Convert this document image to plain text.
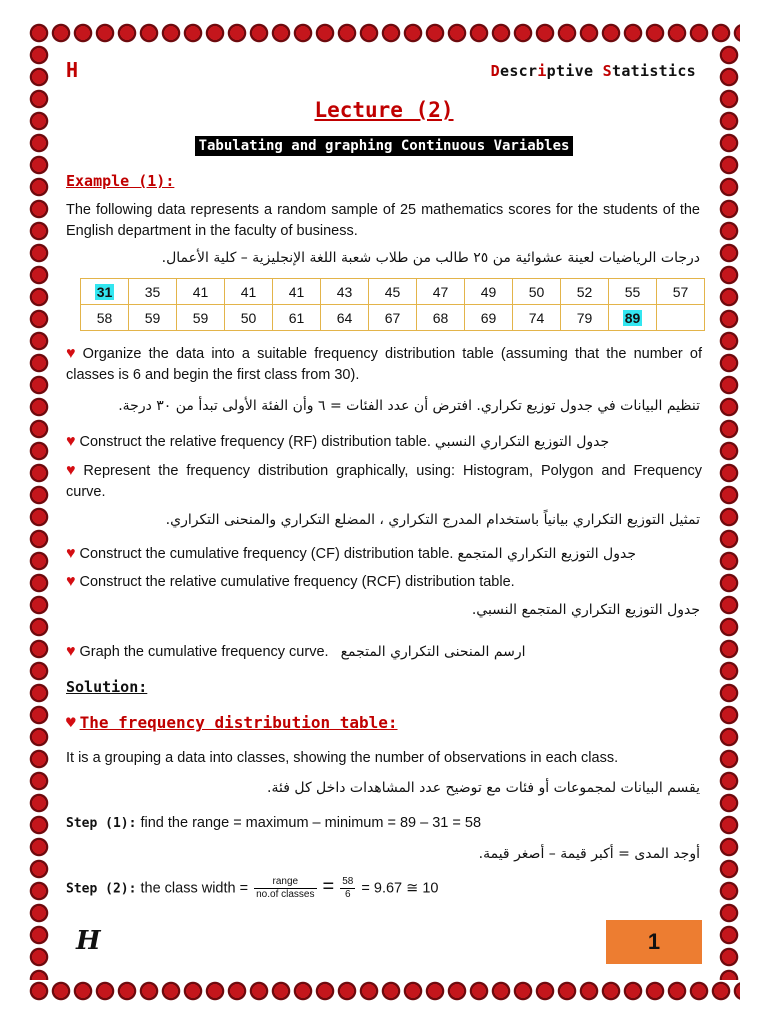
H	Descriptive Statistics
Lecture (2)
Tabulating and graphing Continuous Variables
Example (1):
The following data represents a random sample of 25 mathematics scores for the students of the English department in the faculty of business.
درجات الرياضيات لعينة عشوائية من ٢٥ طالب من طلاب شعبة اللغة الإنجليزية – كلية الأعمال.
31	35	41	41	41	43	45	47	49	50	52	55	57
58	59	59	50	61	64	67	68	69	74	79	89	
♥ Organize the data into a suitable frequency distribution table (assuming that the number of classes is 6 and begin the first class from 30).
تنظيم البيانات في جدول توزيع تكراري. افترض أن عدد الفئات = ٦ وأن الفئة الأولى تبدأ من ٣٠ درجة.
♥ Construct the relative frequency (RF) distribution table. جدول التوزيع التكراري النسبي
♥ Represent the frequency distribution graphically, using: Histogram, Polygon and Frequency curve.
تمثيل التوزيع التكراري بيانياً باستخدام المدرج التكراري ، المضلع التكراري والمنحنى التكراري.
♥ Construct the cumulative frequency (CF) distribution table. جدول التوزيع التكراري المتجمع
♥ Construct the relative cumulative frequency (RCF) distribution table.
جدول التوزيع التكراري المتجمع النسبي.
♥ Graph the cumulative frequency curve. ارسم المنحنى التكراري المتجمع
Solution:
♥ The frequency distribution table:
It is a grouping a data into classes, showing the number of observations in each class.
يقسم البيانات لمجموعات أو فئات مع توضيح عدد المشاهدات داخل كل فئة.
Step (1): find the range = maximum – minimum = 89 – 31 = 58
أوجد المدى = أكبر قيمة – أصغر قيمة.
Step (2): the class width = $\frac{\text{range}}{\text{no.of classes}} = \frac{58}{6} = 9.67$ ≅ 10
H	1
